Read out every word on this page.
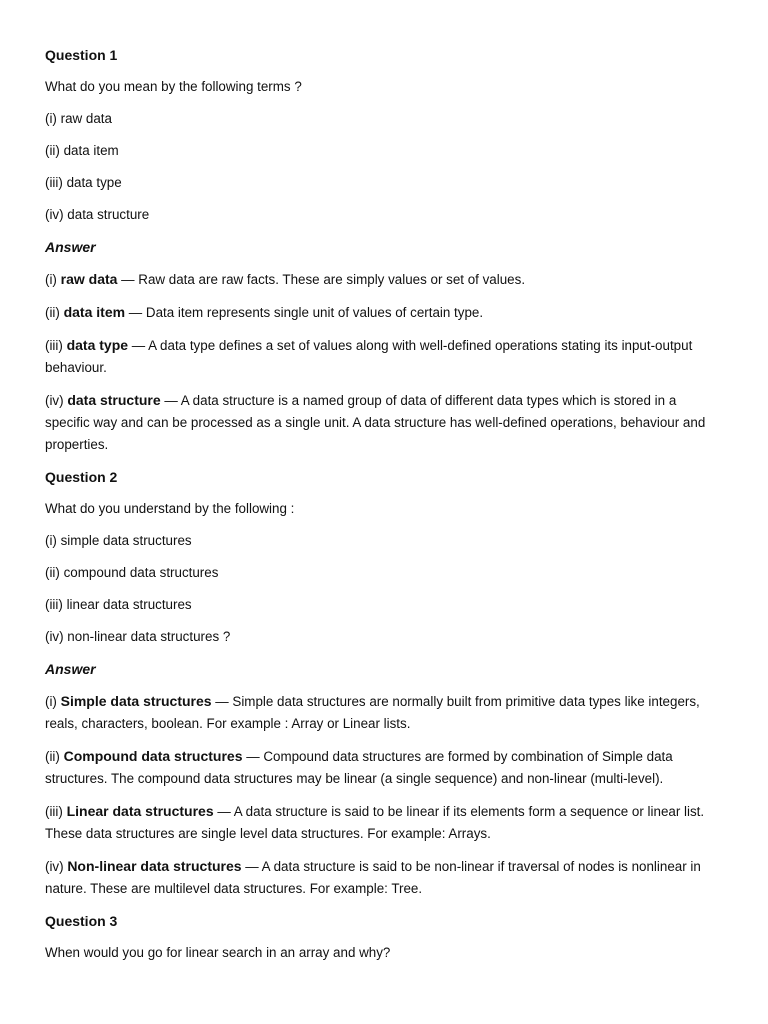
Question 1
What do you mean by the following terms ?
(i) raw data
(ii) data item
(iii) data type
(iv) data structure
Answer
(i) raw data — Raw data are raw facts. These are simply values or set of values.
(ii) data item — Data item represents single unit of values of certain type.
(iii) data type — A data type defines a set of values along with well-defined operations stating its input-output behaviour.
(iv) data structure — A data structure is a named group of data of different data types which is stored in a specific way and can be processed as a single unit. A data structure has well-defined operations, behaviour and properties.
Question 2
What do you understand by the following :
(i) simple data structures
(ii) compound data structures
(iii) linear data structures
(iv) non-linear data structures ?
Answer
(i) Simple data structures — Simple data structures are normally built from primitive data types like integers, reals, characters, boolean. For example : Array or Linear lists.
(ii) Compound data structures — Compound data structures are formed by combination of Simple data structures. The compound data structures may be linear (a single sequence) and non-linear (multi-level).
(iii) Linear data structures — A data structure is said to be linear if its elements form a sequence or linear list. These data structures are single level data structures. For example: Arrays.
(iv) Non-linear data structures — A data structure is said to be non-linear if traversal of nodes is nonlinear in nature. These are multilevel data structures. For example: Tree.
Question 3
When would you go for linear search in an array and why?
